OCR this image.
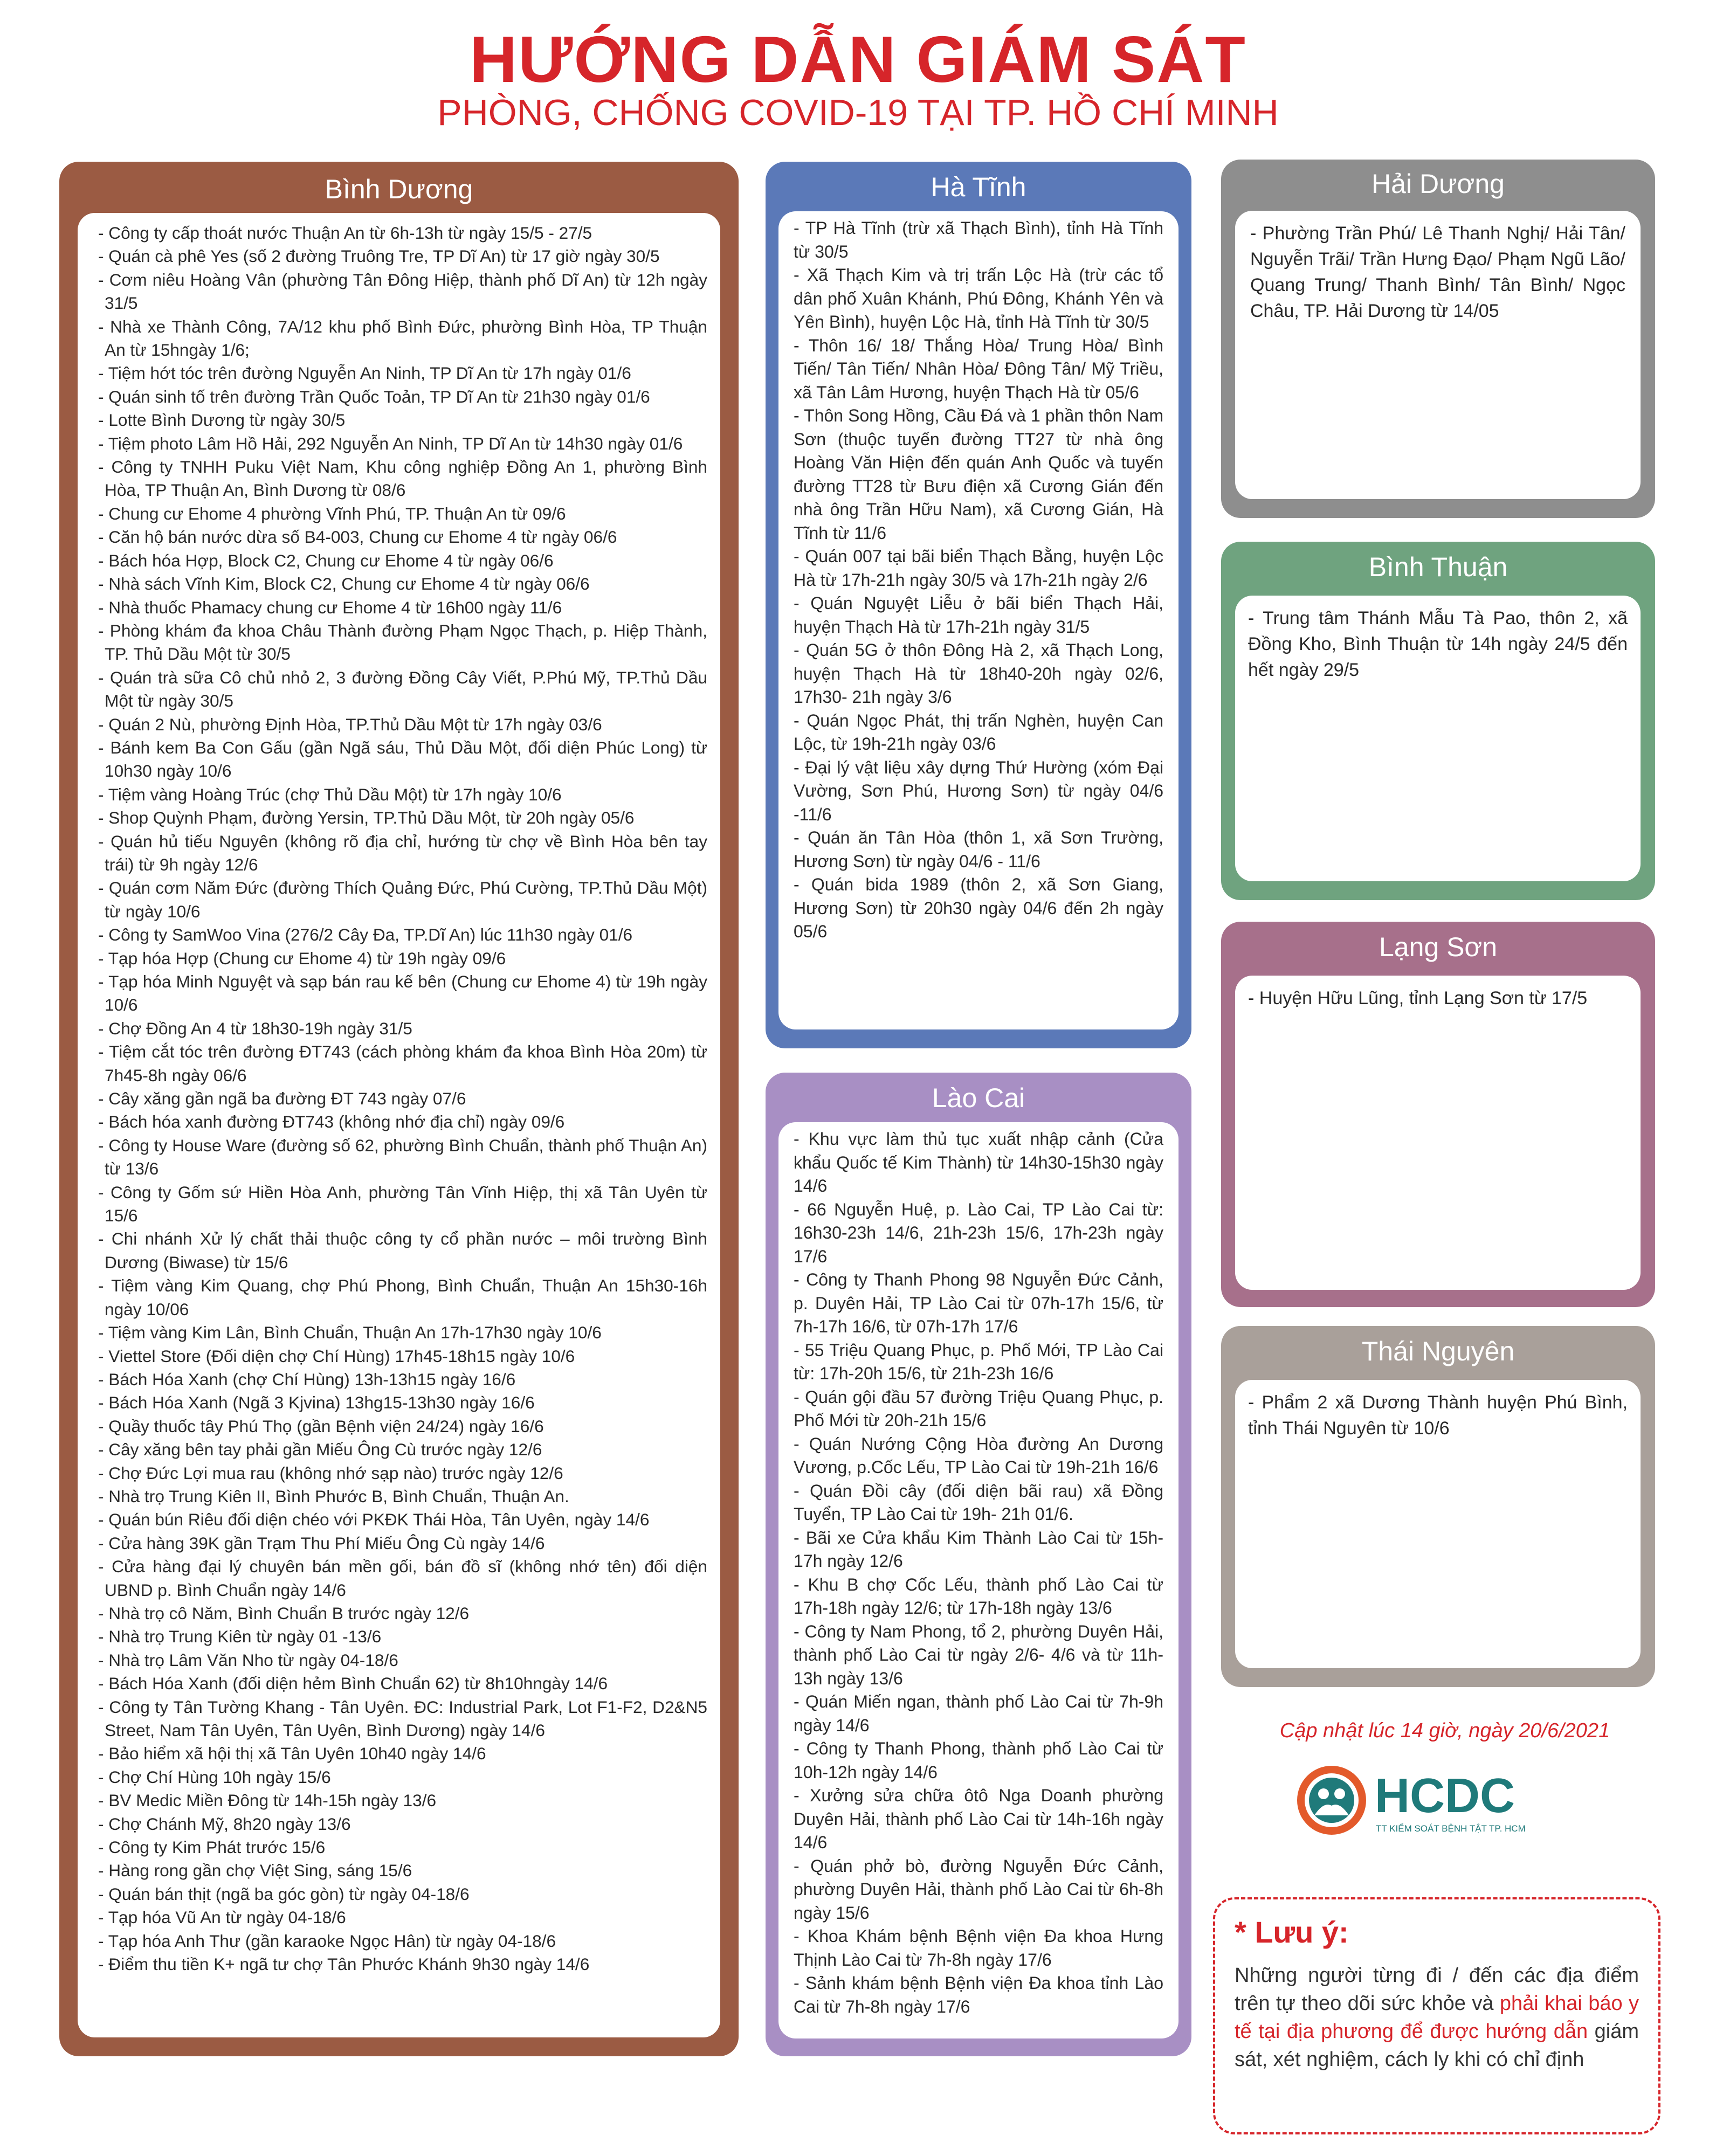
HƯỚNG DẪN GIÁM SÁT
PHÒNG, CHỐNG COVID-19 TẠI TP. HỒ CHÍ MINH
Bình Dương

- Công ty cấp thoát nước Thuận An từ 6h-13h từ ngày 15/5 - 27/5

- Quán cà phê Yes (số 2 đường Truông Tre, TP Dĩ An) từ 17 giờ ngày 30/5

- Cơm niêu Hoàng Vân (phường Tân Đông Hiệp, thành phố Dĩ An) từ 12h ngày 31/5

- Nhà xe Thành Công, 7A/12 khu phố Bình Đức, phường Bình Hòa, TP Thuận An từ 15hngày 1/6;

- Tiệm hớt tóc trên đường Nguyễn An Ninh, TP Dĩ An từ 17h ngày 01/6

- Quán sinh tố trên đường Trần Quốc Toản, TP Dĩ An từ 21h30 ngày 01/6

- Lotte Bình Dương từ ngày 30/5

- Tiệm photo Lâm Hồ Hải, 292 Nguyễn An Ninh, TP Dĩ An từ 14h30 ngày 01/6

- Công ty TNHH Puku Việt Nam, Khu công nghiệp Đồng An 1, phường Bình Hòa, TP Thuận An, Bình Dương từ 08/6

- Chung cư Ehome 4 phường Vĩnh Phú, TP. Thuận An từ 09/6

- Căn hộ bán nước dừa số B4-003, Chung cư Ehome 4 từ ngày 06/6

- Bách hóa Hợp, Block C2, Chung cư Ehome 4 từ ngày 06/6

- Nhà sách Vĩnh Kim, Block C2, Chung cư Ehome 4 từ ngày 06/6

- Nhà thuốc Phamacy chung cư Ehome 4 từ 16h00 ngày 11/6

- Phòng khám đa khoa Châu Thành đường Phạm Ngọc Thạch, p. Hiệp Thành, TP. Thủ Dầu Một từ 30/5

- Quán trà sữa Cô chủ nhỏ 2, 3 đường Đồng Cây Viết, P.Phú Mỹ, TP.Thủ Dầu Một từ ngày 30/5

- Quán 2 Nù, phường Định Hòa, TP.Thủ Dầu Một từ 17h ngày 03/6

- Bánh kem Ba Con Gấu (gần Ngã sáu, Thủ Dầu Một, đối diện Phúc Long) từ 10h30 ngày 10/6

- Tiệm vàng Hoàng Trúc (chợ Thủ Dầu Một) từ 17h ngày 10/6

- Shop Quỳnh Phạm, đường Yersin, TP.Thủ Dầu Một, từ 20h ngày 05/6

- Quán hủ tiếu Nguyên (không rõ địa chỉ, hướng từ chợ về Bình Hòa bên tay trái) từ 9h ngày 12/6

- Quán cơm Năm Đức (đường Thích Quảng Đức, Phú Cường, TP.Thủ Dầu Một) từ ngày 10/6

- Công ty SamWoo Vina (276/2 Cây Đa, TP.Dĩ An) lúc 11h30 ngày 01/6

- Tạp hóa Hợp (Chung cư Ehome 4) từ 19h ngày 09/6

- Tạp hóa Minh Nguyệt và sạp bán rau kế bên (Chung cư Ehome 4) từ 19h ngày 10/6

- Chợ Đồng An 4 từ 18h30-19h ngày 31/5

- Tiệm cắt tóc trên đường ĐT743 (cách phòng khám đa khoa Bình Hòa 20m) từ 7h45-8h ngày 06/6

- Cây xăng gần ngã ba đường ĐT 743 ngày 07/6

- Bách hóa xanh đường ĐT743 (không nhớ địa chỉ) ngày 09/6

- Công ty House Ware (đường số 62, phường Bình Chuẩn, thành phố Thuận An) từ 13/6

- Công ty Gốm sứ Hiền Hòa Anh, phường Tân Vĩnh Hiệp, thị xã Tân Uyên từ 15/6

- Chi nhánh Xử lý chất thải thuộc công ty cổ phần nước – môi trường Bình Dương (Biwase) từ 15/6

- Tiệm vàng Kim Quang, chợ Phú Phong, Bình Chuẩn, Thuận An 15h30-16h ngày 10/06

- Tiệm vàng Kim Lân, Bình Chuẩn, Thuận An 17h-17h30 ngày 10/6

- Viettel Store (Đối diện chợ Chí Hùng) 17h45-18h15 ngày 10/6

- Bách Hóa Xanh (chợ Chí Hùng) 13h-13h15 ngày 16/6

- Bách Hóa Xanh (Ngã 3 Kjvina) 13hg15-13h30 ngày 16/6

- Quầy thuốc tây Phú Thọ (gần Bệnh viện 24/24) ngày 16/6

- Cây xăng bên tay phải gần Miếu Ông Cù trước ngày 12/6

- Chợ Đức Lợi mua rau (không nhớ sạp nào) trước ngày 12/6

- Nhà trọ Trung Kiên II, Bình Phước B, Bình Chuẩn, Thuận An.

- Quán bún Riêu đối diện chéo với PKĐK Thái Hòa, Tân Uyên, ngày 14/6

- Cửa hàng 39K gần Trạm Thu Phí Miếu Ông Cù ngày 14/6

- Cửa hàng đại lý chuyên bán mền gối, bán đồ sĩ (không nhớ tên) đối diện UBND p. Bình Chuẩn ngày 14/6

- Nhà trọ cô Năm, Bình Chuẩn B trước ngày 12/6

- Nhà trọ Trung Kiên từ ngày 01 -13/6

- Nhà trọ Lâm Văn Nho từ ngày 04-18/6

- Bách Hóa Xanh (đối diện hẻm Bình Chuẩn 62) từ 8h10hngày 14/6

- Công ty Tân Tường Khang - Tân Uyên. ĐC: Industrial Park, Lot F1-F2, D2&N5 Street, Nam Tân Uyên, Tân Uyên, Bình Dương) ngày 14/6

- Bảo hiểm xã hội thị xã Tân Uyên 10h40 ngày 14/6

- Chợ Chí Hùng 10h ngày 15/6

- BV Medic Miền Đông từ 14h-15h ngày 13/6

- Chợ Chánh Mỹ, 8h20 ngày 13/6

- Công ty Kim Phát trước 15/6

- Hàng rong gần chợ Việt Sing, sáng 15/6

- Quán bán thịt (ngã ba góc gòn) từ ngày 04-18/6

- Tạp hóa Vũ An từ ngày 04-18/6

- Tạp hóa Anh Thư (gần karaoke Ngọc Hân) từ ngày 04-18/6

- Điểm thu tiền K+ ngã tư chợ Tân Phước Khánh 9h30 ngày 14/6

Hà Tĩnh

- TP Hà Tĩnh (trừ xã Thạch Bình), tỉnh Hà Tĩnh từ 30/5

- Xã Thạch Kim và trị trấn Lộc Hà (trừ các tổ dân phố Xuân Khánh, Phú Đông, Khánh Yên và Yên Bình), huyện Lộc Hà, tỉnh Hà Tĩnh từ 30/5

- Thôn 16/ 18/ Thắng Hòa/ Trung Hòa/ Bình Tiến/ Tân Tiến/ Nhân Hòa/ Đông Tân/ Mỹ Triều, xã Tân Lâm Hương, huyện Thạch Hà từ 05/6

- Thôn Song Hồng, Cầu Đá và 1 phần thôn Nam Sơn (thuộc tuyến đường TT27 từ nhà ông Hoàng Văn Hiện đến quán Anh Quốc và tuyến đường TT28 từ Bưu điện xã Cương Gián đến nhà ông Trần Hữu Nam), xã Cương Gián, Hà Tĩnh từ 11/6

- Quán 007 tại bãi biển Thạch Bằng, huyện Lộc Hà từ 17h-21h ngày 30/5 và 17h-21h ngày 2/6

- Quán Nguyệt Liễu ở bãi biển Thạch Hải, huyện Thạch Hà từ 17h-21h ngày 31/5

- Quán 5G ở thôn Đông Hà 2, xã Thạch Long, huyện Thạch Hà từ 18h40-20h ngày 02/6, 17h30- 21h ngày 3/6

- Quán Ngọc Phát, thị trấn Nghèn, huyện Can Lộc, từ 19h-21h ngày 03/6

- Đại lý vật liệu xây dựng Thứ Hường (xóm Đại Vường, Sơn Phú, Hương Sơn) từ ngày 04/6 -11/6

- Quán ăn Tân Hòa (thôn 1, xã Sơn Trường, Hương Sơn) từ ngày 04/6 - 11/6

- Quán bida 1989 (thôn 2, xã Sơn Giang, Hương Sơn) từ 20h30 ngày 04/6 đến 2h ngày 05/6

Lào Cai

- Khu vực làm thủ tục xuất nhập cảnh (Cửa khẩu Quốc tế Kim Thành) từ 14h30-15h30 ngày 14/6

- 66 Nguyễn Huệ, p. Lào Cai, TP Lào Cai từ: 16h30-23h 14/6, 21h-23h 15/6, 17h-23h ngày 17/6

- Công ty Thanh Phong 98 Nguyễn Đức Cảnh, p. Duyên Hải, TP Lào Cai từ 07h-17h 15/6, từ 7h-17h 16/6, từ 07h-17h 17/6

- 55 Triệu Quang Phục, p. Phố Mới, TP Lào Cai từ: 17h-20h 15/6, từ 21h-23h 16/6

- Quán gội đầu 57 đường Triệu Quang Phục, p. Phố Mới từ 20h-21h 15/6

- Quán Nướng Cộng Hòa đường An Dương Vương, p.Cốc Lếu, TP Lào Cai từ 19h-21h 16/6

- Quán Đồi cây (đối diện bãi rau) xã Đồng Tuyển, TP Lào Cai từ 19h- 21h 01/6.

- Bãi xe Cửa khẩu Kim Thành Lào Cai từ 15h-17h ngày 12/6

- Khu B chợ Cốc Lếu, thành phố Lào Cai từ 17h-18h ngày 12/6; từ 17h-18h ngày 13/6

- Công ty Nam Phong, tổ 2, phường Duyên Hải, thành phố Lào Cai từ ngày 2/6- 4/6 và từ 11h-13h ngày 13/6

- Quán Miến ngan, thành phố Lào Cai từ 7h-9h ngày 14/6

- Công ty Thanh Phong, thành phố Lào Cai từ 10h-12h ngày 14/6

- Xưởng sửa chữa ôtô Nga Doanh phường Duyên Hải, thành phố Lào Cai từ 14h-16h ngày 14/6

- Quán phở bò, đường Nguyễn Đức Cảnh, phường Duyên Hải, thành phố Lào Cai từ 6h-8h ngày 15/6

- Khoa Khám bệnh Bệnh viện Đa khoa Hưng Thịnh Lào Cai từ 7h-8h ngày 17/6

- Sảnh khám bệnh Bệnh viện Đa khoa tỉnh Lào Cai từ 7h-8h ngày 17/6

Hải Dương

- Phường Trần Phú/ Lê Thanh Nghị/ Hải Tân/ Nguyễn Trãi/ Trần Hưng Đạo/ Phạm Ngũ Lão/ Quang Trung/ Thanh Bình/ Tân Bình/ Ngọc Châu, TP. Hải Dương từ 14/05

Bình Thuận

- Trung tâm Thánh Mẫu Tà Pao, thôn 2, xã Đồng Kho, Bình Thuận từ 14h ngày 24/5 đến hết ngày 29/5

Lạng Sơn

- Huyện Hữu Lũng, tỉnh Lạng Sơn từ 17/5

Thái Nguyên

- Phẩm 2 xã Dương Thành huyện Phú Bình, tỉnh Thái Nguyên từ 10/6

Cập nhật lúc 14 giờ, ngày 20/6/2021
HCDC
TT KIỂM SOÁT BỆNH TẬT TP. HCM
* Lưu ý:
Những người từng đi / đến các địa điểm trên tự theo dõi sức khỏe và phải khai báo y tế tại địa phương để được hướng dẫn giám sát, xét nghiệm, cách ly khi có chỉ định
